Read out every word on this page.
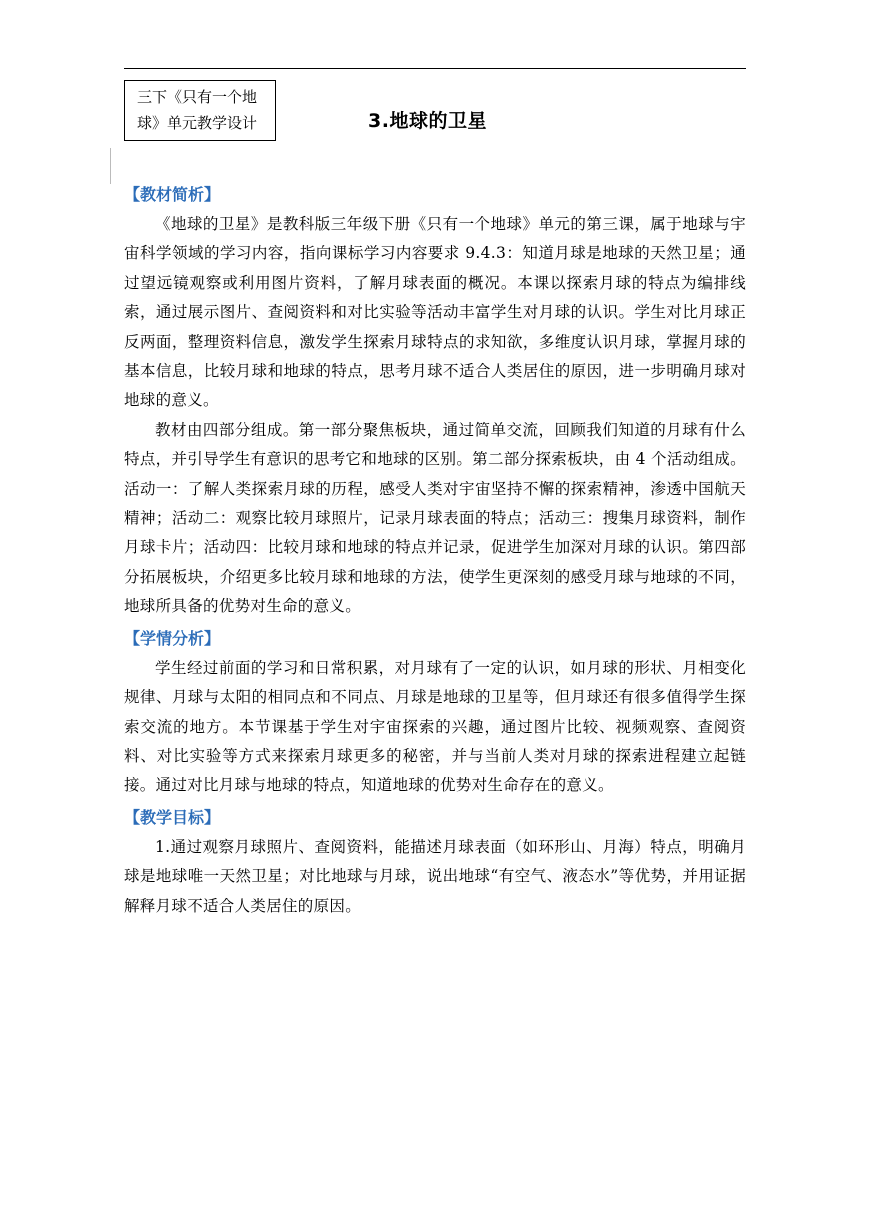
三下《只有一个地
球》单元教学设计	3.地球的卫星
【教材简析】

《地球的卫星》是教科版三年级下册《只有一个地球》单元的第三课，属于地球与宇宙科学领域的学习内容，指向课标学习内容要求 9.4.3：知道月球是地球的天然卫星；通过望远镜观察或利用图片资料，了解月球表面的概况。本课以探索月球的特点为编排线索，通过展示图片、查阅资料和对比实验等活动丰富学生对月球的认识。学生对比月球正反两面，整理资料信息，激发学生探索月球特点的求知欲，多维度认识月球，掌握月球的基本信息，比较月球和地球的特点，思考月球不适合人类居住的原因，进一步明确月球对地球的意义。

教材由四部分组成。第一部分聚焦板块，通过简单交流，回顾我们知道的月球有什么特点，并引导学生有意识的思考它和地球的区别。第二部分探索板块，由 4 个活动组成。活动一：了解人类探索月球的历程，感受人类对宇宙坚持不懈的探索精神，渗透中国航天精神；活动二：观察比较月球照片，记录月球表面的特点；活动三：搜集月球资料，制作月球卡片；活动四：比较月球和地球的特点并记录，促进学生加深对月球的认识。第四部分拓展板块，介绍更多比较月球和地球的方法，使学生更深刻的感受月球与地球的不同，地球所具备的优势对生命的意义。

【学情分析】

学生经过前面的学习和日常积累，对月球有了一定的认识，如月球的形状、月相变化规律、月球与太阳的相同点和不同点、月球是地球的卫星等，但月球还有很多值得学生探索交流的地方。本节课基于学生对宇宙探索的兴趣，通过图片比较、视频观察、查阅资料、对比实验等方式来探索月球更多的秘密，并与当前人类对月球的探索进程建立起链接。通过对比月球与地球的特点，知道地球的优势对生命存在的意义。

【教学目标】

1.通过观察月球照片、查阅资料，能描述月球表面（如环形山、月海）特点，明确月球是地球唯一天然卫星；对比地球与月球，说出地球“有空气、液态水”等优势，并用证据解释月球不适合人类居住的原因。
